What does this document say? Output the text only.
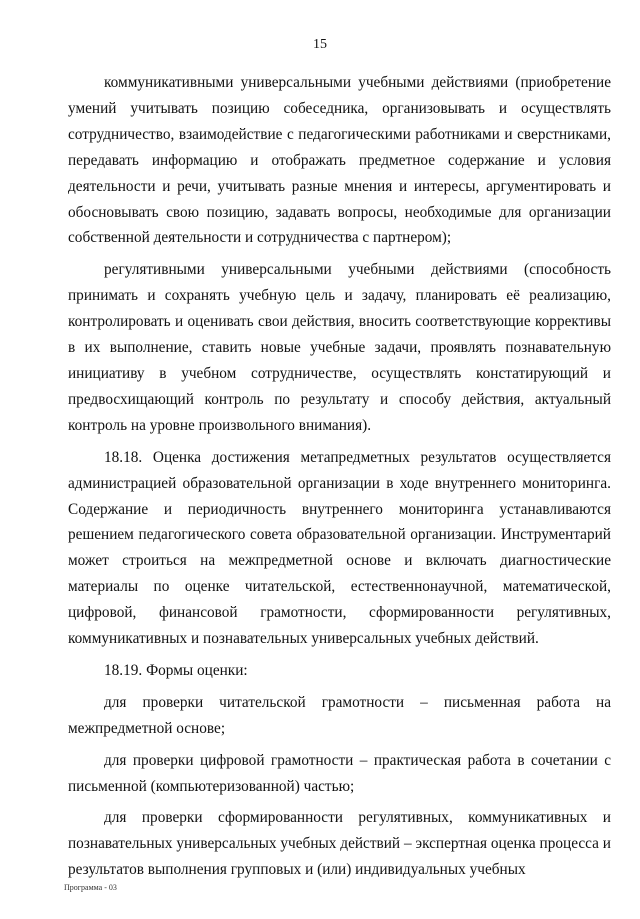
15

коммуникативными универсальными учебными действиями (приобретение умений учитывать позицию собеседника, организовывать и осуществлять сотрудничество, взаимодействие с педагогическими работниками и сверстниками, передавать информацию и отображать предметное содержание и условия деятельности и речи, учитывать разные мнения и интересы, аргументировать и обосновывать свою позицию, задавать вопросы, необходимые для организации собственной деятельности и сотрудничества с партнером);

регулятивными универсальными учебными действиями (способность принимать и сохранять учебную цель и задачу, планировать её реализацию, контролировать и оценивать свои действия, вносить соответствующие коррективы в их выполнение, ставить новые учебные задачи, проявлять познавательную инициативу в учебном сотрудничестве, осуществлять констатирующий и предвосхищающий контроль по результату и способу действия, актуальный контроль на уровне произвольного внимания).

18.18. Оценка достижения метапредметных результатов осуществляется администрацией образовательной организации в ходе внутреннего мониторинга. Содержание и периодичность внутреннего мониторинга устанавливаются решением педагогического совета образовательной организации. Инструментарий может строиться на межпредметной основе и включать диагностические материалы по оценке читательской, естественнонаучной, математической, цифровой, финансовой грамотности, сформированности регулятивных, коммуникативных и познавательных универсальных учебных действий.

18.19. Формы оценки:

для проверки читательской грамотности – письменная работа на межпредметной основе;

для проверки цифровой грамотности – практическая работа в сочетании с письменной (компьютеризованной) частью;

для проверки сформированности регулятивных, коммуникативных и познавательных универсальных учебных действий – экспертная оценка процесса и результатов выполнения групповых и (или) индивидуальных учебных

Программа - 03
